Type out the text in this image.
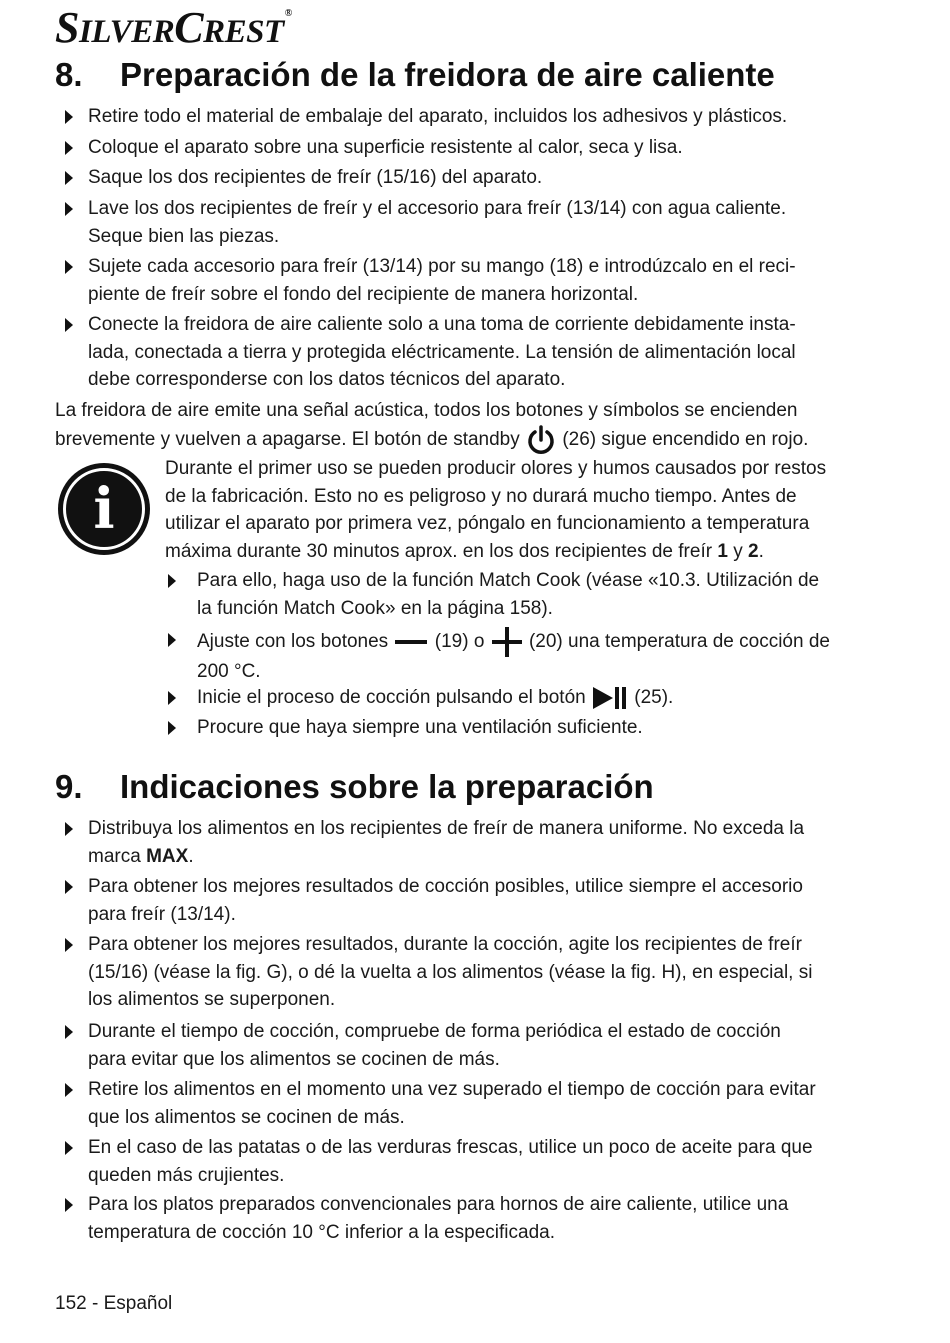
SILVERCREST®
8. Preparación de la freidora de aire caliente
Retire todo el material de embalaje del aparato, incluidos los adhesivos y plásticos.
Coloque el aparato sobre una superficie resistente al calor, seca y lisa.
Saque los dos recipientes de freír (15/16) del aparato.
Lave los dos recipientes de freír y el accesorio para freír (13/14) con agua caliente.
Seque bien las piezas.
Sujete cada accesorio para freír (13/14) por su mango (18) e introdúzcalo en el reci-
piente de freír sobre el fondo del recipiente de manera horizontal.
Conecte la freidora de aire caliente solo a una toma de corriente debidamente insta-
lada, conectada a tierra y protegida eléctricamente. La tensión de alimentación local
debe corresponderse con los datos técnicos del aparato.
La freidora de aire emite una señal acústica, todos los botones y símbolos se encienden
brevemente y vuelven a apagarse. El botón de standby (26) sigue encendido en rojo.
i
Durante el primer uso se pueden producir olores y humos causados por restos
de la fabricación. Esto no es peligroso y no durará mucho tiempo. Antes de
utilizar el aparato por primera vez, póngalo en funcionamiento a temperatura
máxima durante 30 minutos aprox. en los dos recipientes de freír 1 y 2.
Para ello, haga uso de la función Match Cook (véase «10.3. Utilización de
la función Match Cook» en la página 158).
Ajuste con los botones (19) o (20) una temperatura de cocción de
200 °C.
Inicie el proceso de cocción pulsando el botón	(25).
Procure que haya siempre una ventilación suficiente.
9. Indicaciones sobre la preparación
Distribuya los alimentos en los recipientes de freír de manera uniforme. No exceda la
marca MAX.
Para obtener los mejores resultados de cocción posibles, utilice siempre el accesorio
para freír (13/14).
Para obtener los mejores resultados, durante la cocción, agite los recipientes de freír
(15/16) (véase la fig. G), o dé la vuelta a los alimentos (véase la fig. H), en especial, si
los alimentos se superponen.
Durante el tiempo de cocción, compruebe de forma periódica el estado de cocción
para evitar que los alimentos se cocinen de más.
Retire los alimentos en el momento una vez superado el tiempo de cocción para evitar
que los alimentos se cocinen de más.
En el caso de las patatas o de las verduras frescas, utilice un poco de aceite para que
queden más crujientes.
Para los platos preparados convencionales para hornos de aire caliente, utilice una
temperatura de cocción 10 °C inferior a la especificada.
152 - Español
